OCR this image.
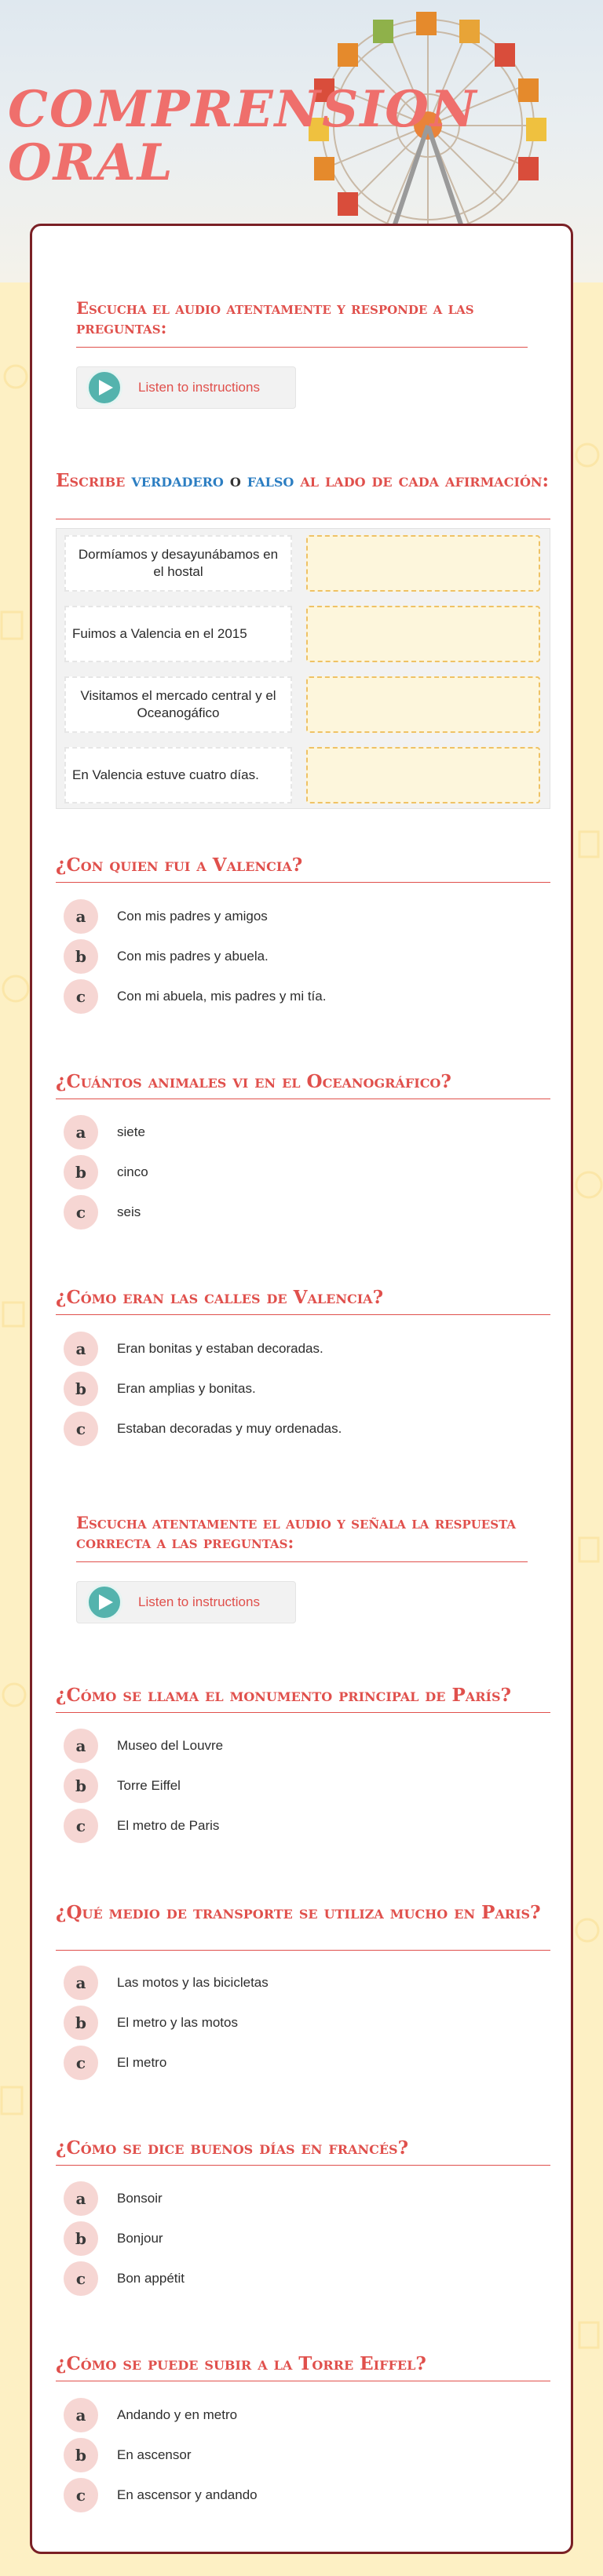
COMPRENSION
ORAL
Escucha el audio atentamente y responde a las preguntas:
Listen to instructions
Escribe verdadero o falso al lado de cada afirmación:
Dormíamos y desayunábamos en el hostal
Fuimos a Valencia en el 2015
Visitamos el mercado central y el Oceanogáfico
En Valencia estuve cuatro días.
¿Con quien fui a Valencia?
a	Con mis padres y amigos
b	Con mis padres y abuela.
c	Con mi abuela, mis padres y mi tía.
¿Cuántos animales vi en el Oceanográfico?
a	siete
b	cinco
c	seis
¿Cómo eran las calles de Valencia?
a	Eran bonitas y estaban decoradas.
b	Eran amplias y bonitas.
c	Estaban decoradas y muy ordenadas.
Escucha atentamente el audio y señala la respuesta correcta a las preguntas:
Listen to instructions
¿Cómo se llama el monumento principal de París?
a	Museo del Louvre
b	Torre Eiffel
c	El metro de Paris
¿Qué medio de transporte se utiliza mucho en Paris?
a	Las motos y las bicicletas
b	El metro y las motos
c	El metro
¿Cómo se dice buenos días en francés?
a	Bonsoir
b	Bonjour
c	Bon appétit
¿Cómo se puede subir a la Torre Eiffel?
a	Andando y en metro
b	En ascensor
c	En ascensor y andando
